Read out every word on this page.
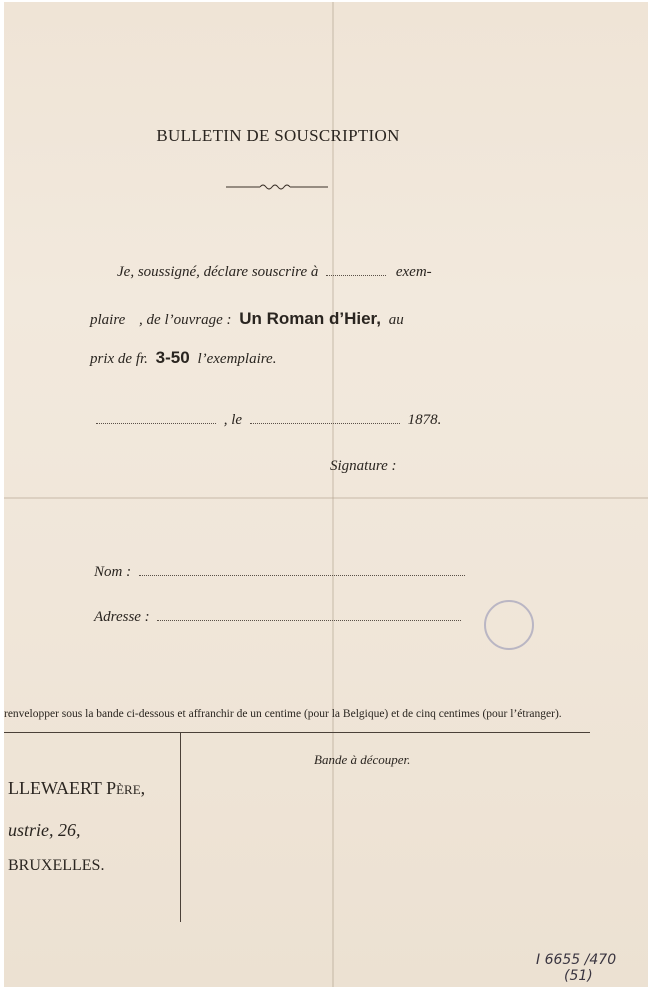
BULLETIN DE SOUSCRIPTION
Je, soussigné, déclare souscrire à	exem-
plaire , de l’ouvrage : Un Roman d’Hier, au
prix de fr. 3-50 l’exemplaire.
, le	1878.
Signature :
Nom :
Adresse :
renvelopper sous la bande ci-dessous et affranchir de un centime (pour la Belgique) et de cinq centimes (pour l’étranger).
Bande à découper.
LLEWAERT Père,
ustrie, 26,
BRUXELLES.
I 6655 /470
(51)
